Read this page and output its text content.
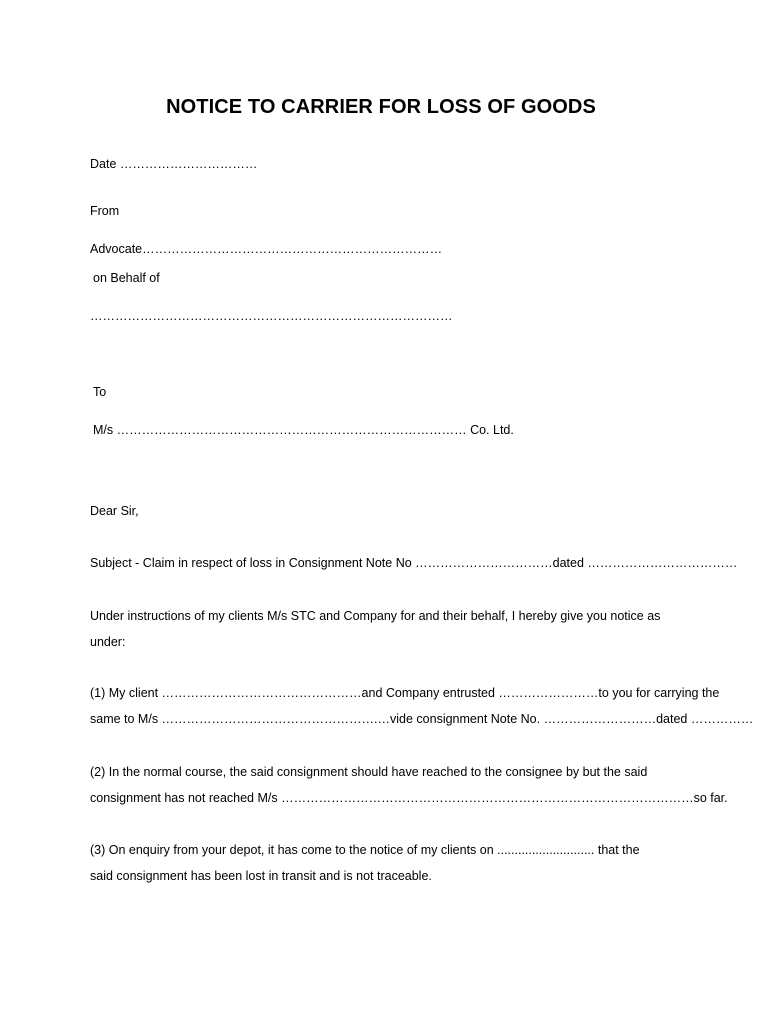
NOTICE TO CARRIER FOR LOSS OF GOODS
Date ……………………………
From
Advocate………………………………………………………………
on Behalf of
……………………………………………………………………………
To
M/s ………………………………………………………………………… Co. Ltd.
Dear Sir,
Subject - Claim in respect of loss in Consignment Note No ……………………………dated ………………………………
Under instructions of my clients M/s STC and Company for and their behalf, I hereby give you notice as
under:
(1) My client …………………………………………and Company entrusted ……………………to you for carrying the
same to M/s …………………………………………….…vide consignment Note No. ………………………dated ……………
(2) In the normal course, the said consignment should have reached to the consignee by but the said
consignment has not reached M/s ………………………………………………………………………………………so far.
(3) On enquiry from your depot, it has come to the notice of my clients on ............................ that the
said consignment has been lost in transit and is not traceable.
